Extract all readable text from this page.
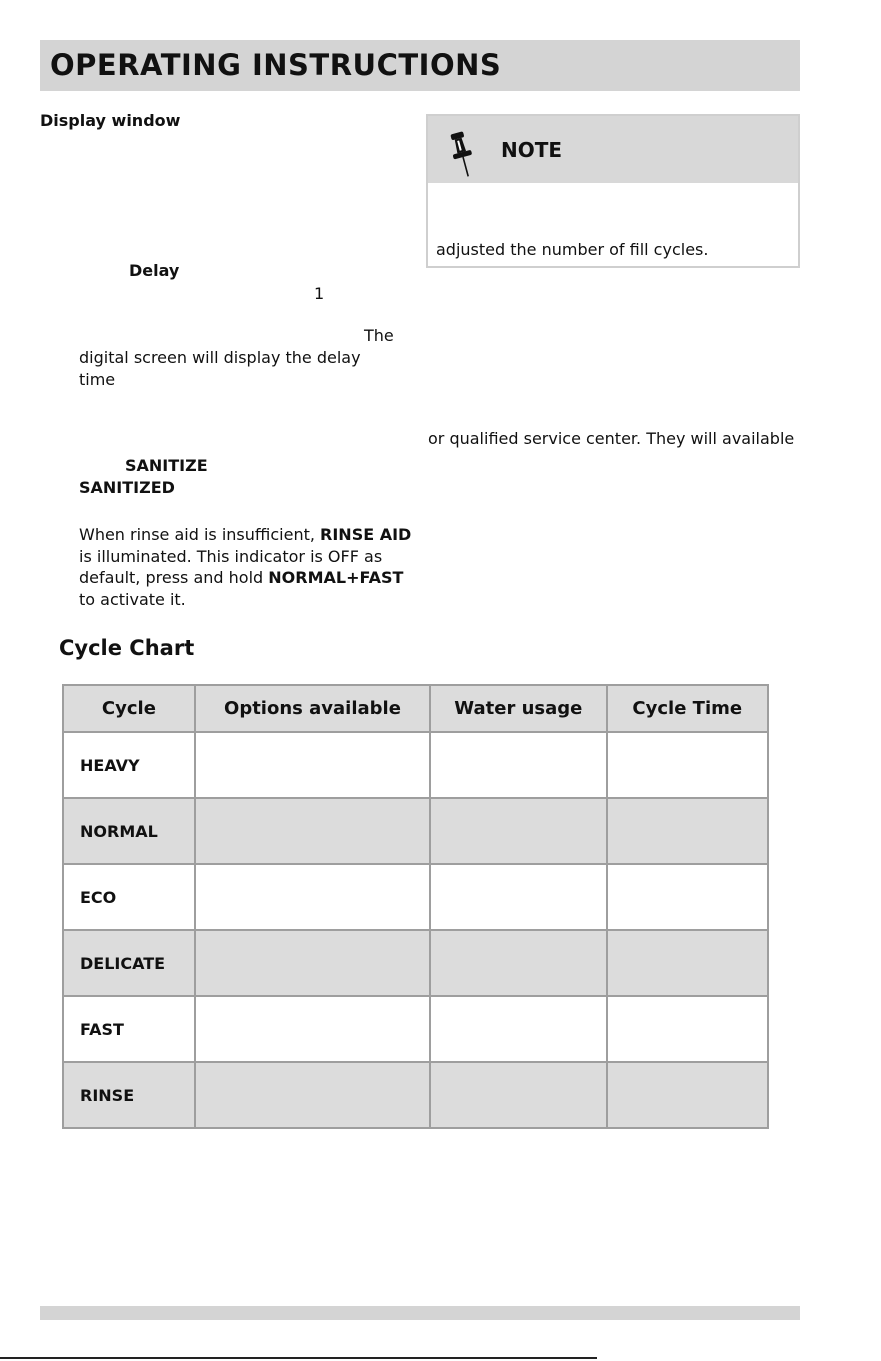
OPERATING INSTRUCTIONS
Display window
Delay
1
The
digital screen will display the delay
time
SANITIZE
SANITIZED
When rinse aid is insufficient, RINSE AID
is illuminated. This indicator is OFF as
default, press and hold NORMAL+FAST
to activate it.
NOTE
adjusted the number of fill cycles.
or qualified service center. They will available
Cycle Chart
Cycle	Options available	Water usage	Cycle Time
HEAVY			
NORMAL			
ECO			
DELICATE			
FAST			
RINSE			
